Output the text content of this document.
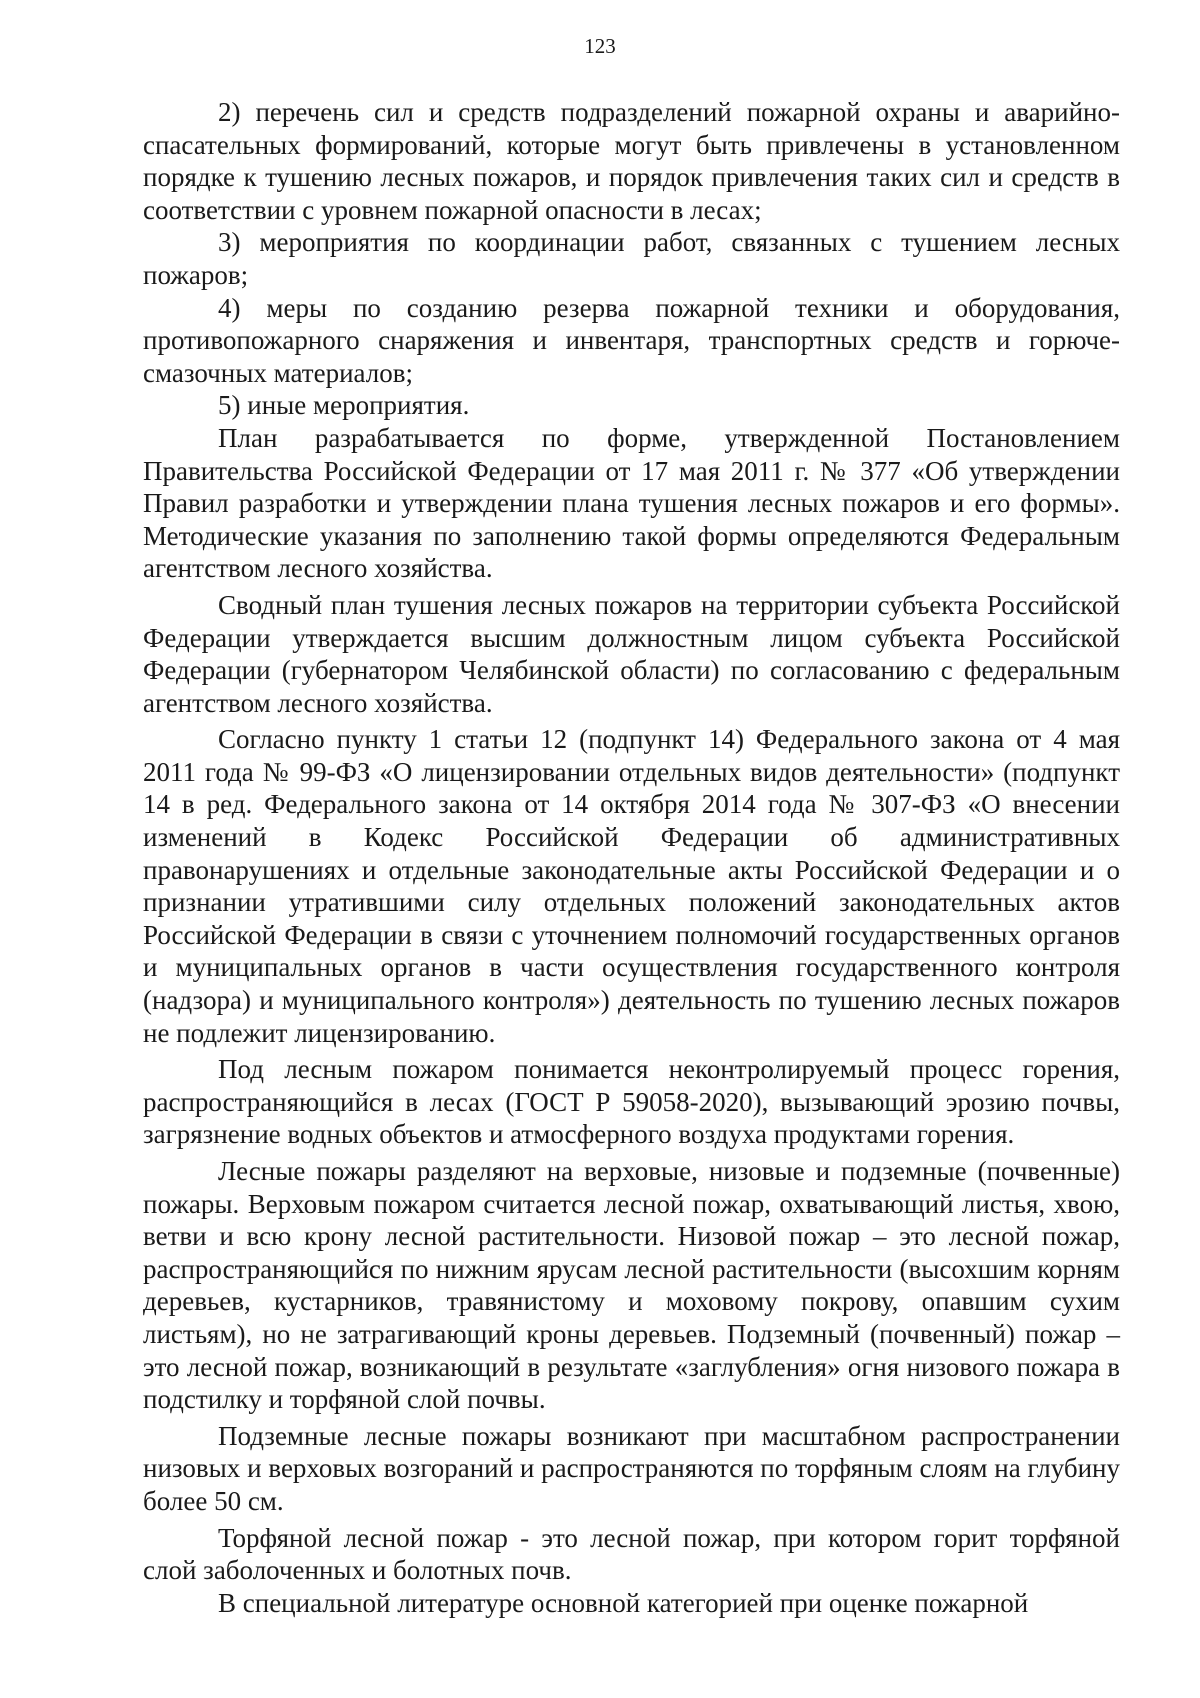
123

2) перечень сил и средств подразделений пожарной охраны и аварийно-спасательных формирований, которые могут быть привлечены в установленном порядке к тушению лесных пожаров, и порядок привлечения таких сил и средств в соответствии с уровнем пожарной опасности в лесах;

3) мероприятия по координации работ, связанных с тушением лесных пожаров;

4) меры по созданию резерва пожарной техники и оборудования, противопожарного снаряжения и инвентаря, транспортных средств и горюче-смазочных материалов;

5) иные мероприятия.

План разрабатывается по форме, утвержденной Постановлением Правительства Российской Федерации от 17 мая 2011 г. № 377 «Об утверждении Правил разработки и утверждении плана тушения лесных пожаров и его формы». Методические указания по заполнению такой формы определяются Федеральным агентством лесного хозяйства.

Сводный план тушения лесных пожаров на территории субъекта Российской Федерации утверждается высшим должностным лицом субъекта Российской Федерации (губернатором Челябинской области) по согласованию с федеральным агентством лесного хозяйства.

Согласно пункту 1 статьи 12 (подпункт 14) Федерального закона от 4 мая 2011 года № 99-ФЗ «О лицензировании отдельных видов деятельности» (подпункт 14 в ред. Федерального закона от 14 октября 2014 года № 307-ФЗ «О внесении изменений в Кодекс Российской Федерации об административных правонарушениях и отдельные законодательные акты Российской Федерации и о признании утратившими силу отдельных положений законодательных актов Российской Федерации в связи с уточнением полномочий государственных органов и муниципальных органов в части осуществления государственного контроля (надзора) и муниципального контроля») деятельность по тушению лесных пожаров не подлежит лицензированию.

Под лесным пожаром понимается неконтролируемый процесс горения, распространяющийся в лесах (ГОСТ Р 59058-2020), вызывающий эрозию почвы, загрязнение водных объектов и атмосферного воздуха продуктами горения.

Лесные пожары разделяют на верховые, низовые и подземные (почвенные) пожары. Верховым пожаром считается лесной пожар, охватывающий листья, хвою, ветви и всю крону лесной растительности. Низовой пожар – это лесной пожар, распространяющийся по нижним ярусам лесной растительности (высохшим корням деревьев, кустарников, травянистому и моховому покрову, опавшим сухим листьям), но не затрагивающий кроны деревьев. Подземный (почвенный) пожар – это лесной пожар, возникающий в результате «заглубления» огня низового пожара в подстилку и торфяной слой почвы.

Подземные лесные пожары возникают при масштабном распространении низовых и верховых возгораний и распространяются по торфяным слоям на глубину более 50 см.

Торфяной лесной пожар - это лесной пожар, при котором горит торфяной слой заболоченных и болотных почв.

В специальной литературе основной категорией при оценке пожарной
